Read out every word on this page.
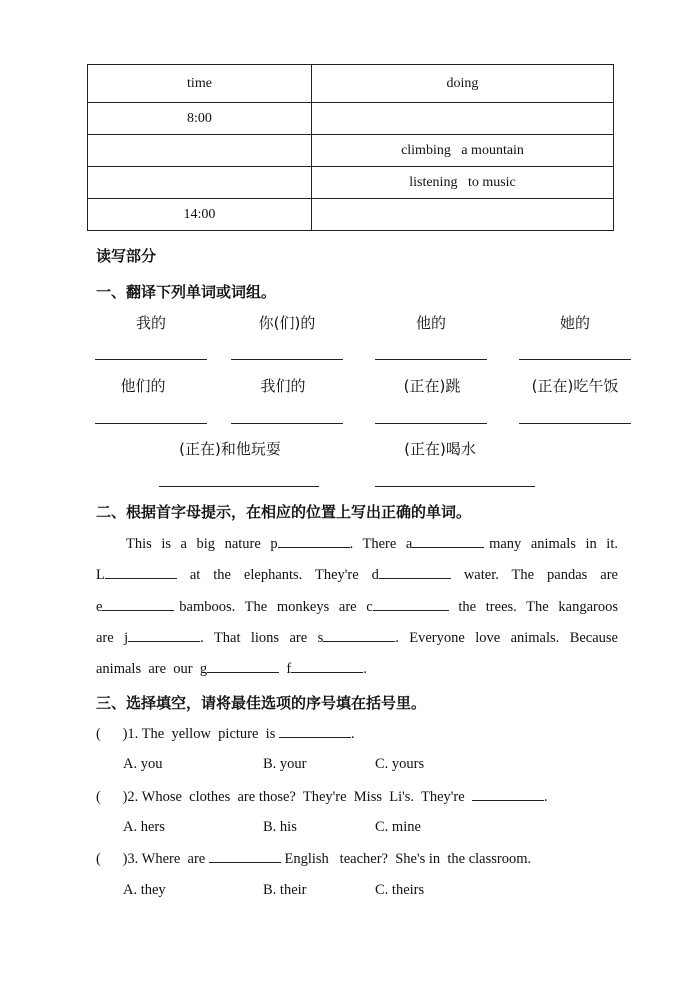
time	doing
8:00	
	climbing   a mountain
	listening   to music
14:00	
读写部分
一、翻译下列单词或词组。
我的	你(们)的	他的	她的
他们的	我们的	(正在)跳	(正在)吃午饭
(正在)和他玩耍	(正在)喝水
二、根据首字母提示，在相应的位置上写出正确的单词。
This  is  a  big  nature  p	.  There  a	many  animals  in  it.
L	at  the  elephants.  They're  d	water.  The  pandas  are
e	bamboos.  The  monkeys  are  c	the  trees.  The  kangaroos
are  j	.  That  lions  are  s	.  Everyone  love  animals.  Because
animals  are  our  g	f	.
三、选择填空，请将最佳选项的序号填在括号里。
(      )1. The  yellow  picture  is	.
A. you	B. your	C. yours
(      )2. Whose  clothes  are those?  They're  Miss  Li's.  They're	.
A. hers	B. his	C. mine
(      )3. Where  are	English   teacher?  She's in  the classroom.
A. they	B. their	C. theirs
